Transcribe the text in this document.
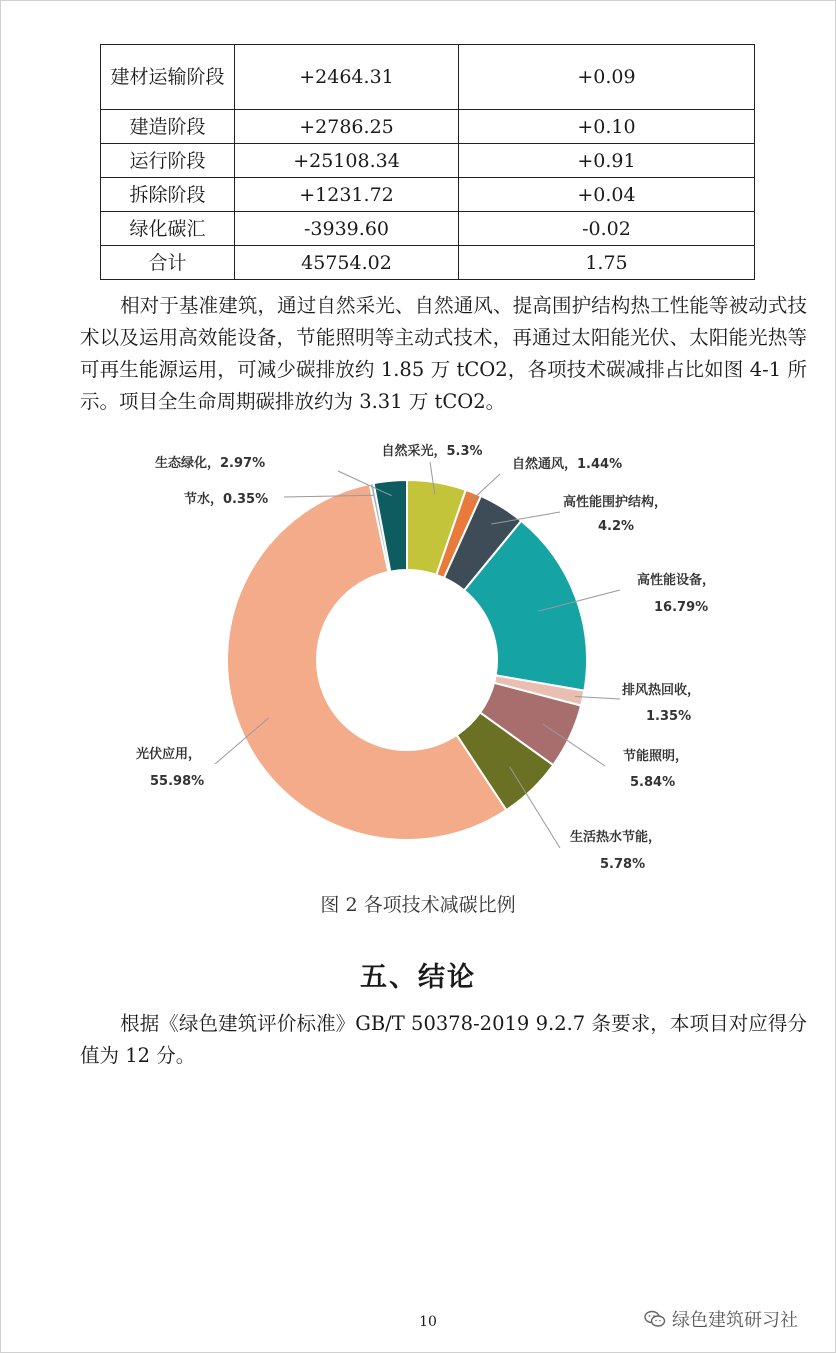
建材运输阶段	+2464.31	+0.09
建造阶段	+2786.25	+0.10
运行阶段	+25108.34	+0.91
拆除阶段	+1231.72	+0.04
绿化碳汇	-3939.60	-0.02
合计	45754.02	1.75

相对于基准建筑，通过自然采光、自然通风、提高围护结构热工性能等被动式技术以及运用高效能设备，节能照明等主动式技术，再通过太阳能光伏、太阳能光热等可再生能源运用，可减少碳排放约 1.85 万 tCO2，各项技术碳减排占比如图 4-1 所示。项目全生命周期碳排放约为 3.31 万 tCO2。

自然采光，5.3%
自然通风，1.44%
高性能围护结构，
4.2%
高性能设备，
16.79%
排风热回收，
1.35%
节能照明，
5.84%
生活热水节能，
5.78%
光伏应用，
55.98%
节水，0.35%
生态绿化，2.97%
图 2 各项技术减碳比例
五、结论

根据《绿色建筑评价标准》GB/T 50378-2019 9.2.7 条要求，本项目对应得分值为 12 分。

10	绿色建筑研习社
